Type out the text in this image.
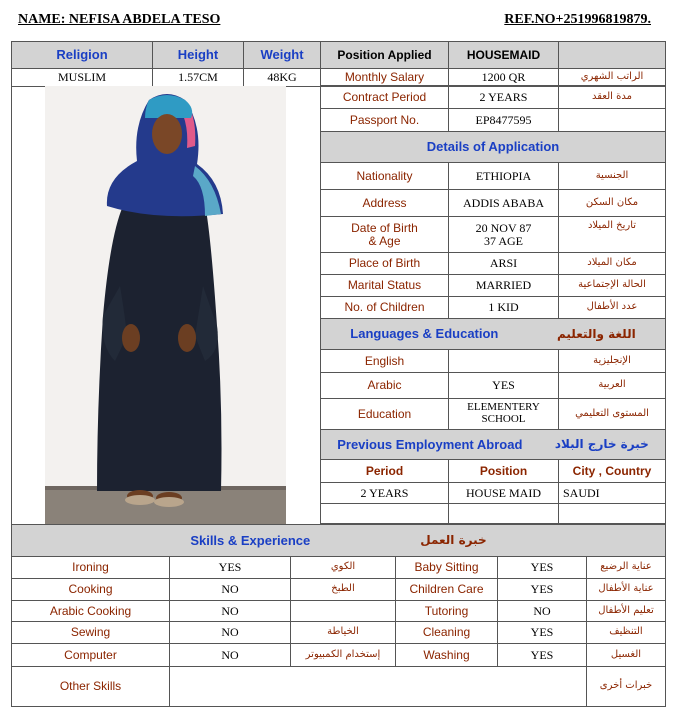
NAME: NEFISA ABDELA TESO	REF.NO+251996819879.
Religion	Height	Weight	Position Applied	HOUSEMAID	
MUSLIM	1.57CM	48KG	Monthly Salary	1200 QR	الراتب الشهري
Contract Period	2 YEARS	مدة العقد
Passport No.	EP8477595	
Details of Application		
Nationality	ETHIOPIA	الجنسية
Address	ADDIS ABABA	مكان السكن
Date of Birth
& Age	20 NOV 87
37 AGE	تاريخ الميلاد
Place of Birth	ARSI	مكان الميلاد
Marital Status	MARRIED	الحالة الإجتماعية
No. of Children	1 KID	عدد الأطفال

Languages & Education اللغة والتعليم		

English		الإنجليزية
Arabic	YES	العربية
Education	ELEMENTERY
SCHOOL	المستوى التعليمي

Previous Employment Abroad خبرة خارج البلاد		

Period	Position	City , Country
2 YEARS	HOUSE MAID	SAUDI

Skills & Experience خبرة العمل					

Ironing	YES	الكوي	Baby Sitting	YES	عناية الرضيع
Cooking	NO	الطبخ	Children Care	YES	عناية الأطفال
Arabic Cooking	NO		Tutoring	NO	تعليم الأطفال
Sewing	NO	الخياطة	Cleaning	YES	التنظيف
Computer	NO	إستخدام الكمبيوتر	Washing	YES	الغسيل
Other Skills					خبرات أخرى
